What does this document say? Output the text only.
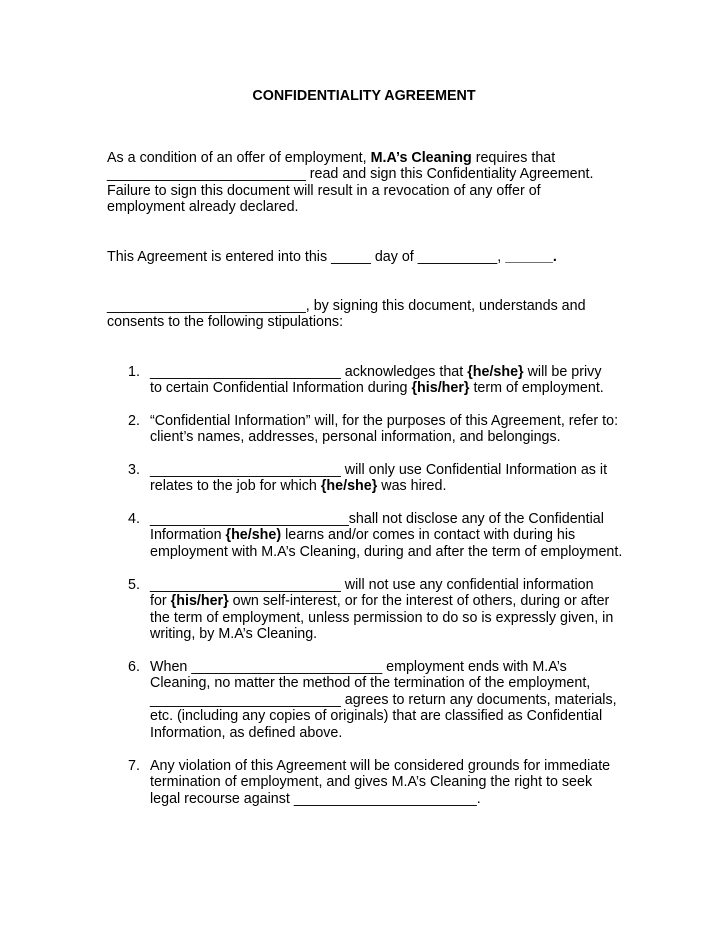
CONFIDENTIALITY AGREEMENT
As a condition of an offer of employment, M.A’s Cleaning requires that
_________________________ read and sign this Confidentiality Agreement.
Failure to sign this document will result in a revocation of any offer of
employment already declared.
This Agreement is entered into this _____ day of __________, ______.
_________________________, by signing this document, understands and
consents to the following stipulations:
1. ________________________ acknowledges that {he/she} will be privy
to certain Confidential Information during {his/her} term of employment.
2. “Confidential Information” will, for the purposes of this Agreement, refer to:
client’s names, addresses, personal information, and belongings.
3. ________________________ will only use Confidential Information as it
relates to the job for which {he/she} was hired.
4. _________________________shall not disclose any of the Confidential
Information {he/she) learns and/or comes in contact with during his
employment with M.A’s Cleaning, during and after the term of employment.
5. ________________________ will not use any confidential information
for {his/her} own self-interest, or for the interest of others, during or after
the term of employment, unless permission to do so is expressly given, in
writing, by M.A’s Cleaning.
6. When ________________________ employment ends with M.A’s
Cleaning, no matter the method of the termination of the employment,
________________________ agrees to return any documents, materials,
etc. (including any copies of originals) that are classified as Confidential
Information, as defined above.
7. Any violation of this Agreement will be considered grounds for immediate
termination of employment, and gives M.A’s Cleaning the right to seek
legal recourse against _______________________.
